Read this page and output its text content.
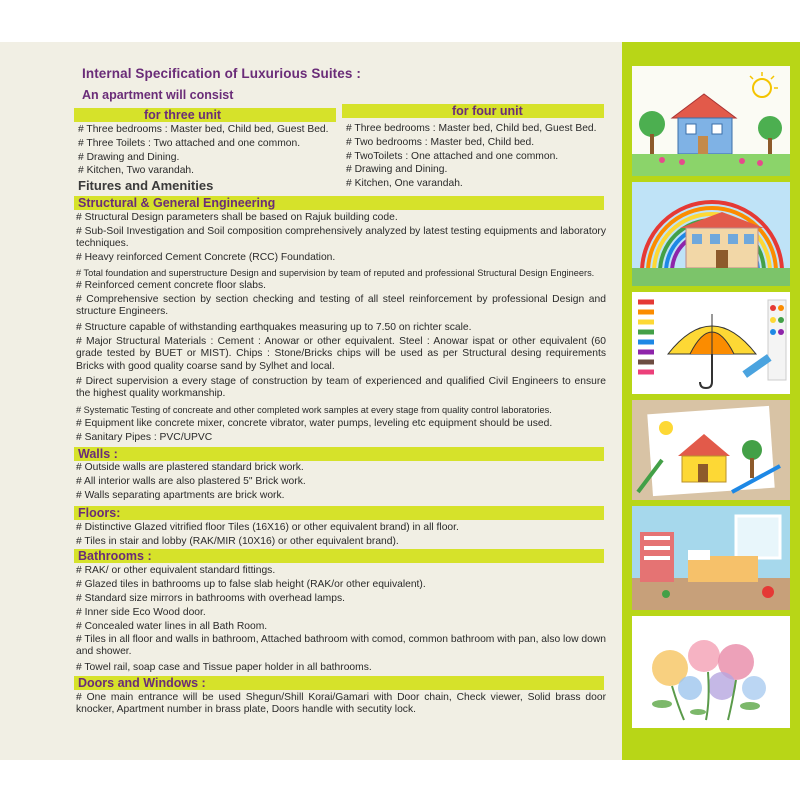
Internal Specification of Luxurious Suites :
An apartment will consist
for three unit	for four unit
# Three bedrooms : Master bed, Child bed, Guest Bed.
# Three Toilets : Two attached and one common.
# Drawing and Dining.
# Kitchen, Two varandah.
# Three bedrooms : Master bed, Child bed, Guest Bed.
# Two bedrooms : Master bed, Child bed.
# TwoToilets : One attached and one common.
# Drawing and Dining.
# Kitchen, One varandah.
Fitures and Amenities
Structural & General Engineering
# Structural Design parameters shall be based on Rajuk building code.
# Sub-Soil Investigation and Soil composition comprehensively analyzed by latest testing equipments and laboratory techniques.
# Heavy reinforced Cement Concrete (RCC) Foundation.
# Total foundation and superstructure Design and supervision by team of reputed and professional Structural Design Engineers.
# Reinforced cement concrete floor slabs.
# Comprehensive section by section checking and testing of all steel reinforcement by professional Design and structure Engineers.
# Structure capable of withstanding earthquakes measuring up to 7.50 on richter scale.
# Major Structural Materials : Cement : Anowar or other equivalent. Steel : Anowar ispat or other equivalent (60 grade tested by BUET or MIST). Chips : Stone/Bricks chips will be used as per Structural desing requirements Bricks with good quality coarse sand by Sylhet and local.
# Direct supervision a every stage of construction by team of experienced and qualified Civil Engineers to ensure the highest quality workmanship.
# Systematic Testing of concreate and other completed work samples at every stage from quality control laboratories.
# Equipment like concrete mixer, concrete vibrator, water pumps, leveling etc equipment should be used.
# Sanitary Pipes : PVC/UPVC
Walls :
# Outside walls are plastered standard brick work.
# All interior walls are also plastered 5" Brick work.
# Walls separating apartments are brick work.
Floors:
# Distinctive Glazed vitrified floor Tiles (16X16) or other equivalent brand) in all floor.
# Tiles in stair and lobby (RAK/MIR (10X16) or other equivalent brand).
Bathrooms :
# RAK/ or other equivalent standard fittings.
# Glazed tiles in bathrooms up to false slab height (RAK/or other equivalent).
# Standard size mirrors in bathrooms with overhead lamps.
# Inner side Eco Wood door.
# Concealed water lines in all Bath Room.
# Tiles in all floor and walls in bathroom, Attached bathroom with comod, common bathroom with pan, also low down and shower.
# Towel rail, soap case and Tissue paper holder in all bathrooms.
Doors and Windows :
# One main entrance will be used Shegun/Shill Korai/Gamari with Door chain, Check viewer, Solid brass door knocker, Apartment number in brass plate, Doors handle with secutity lock.
